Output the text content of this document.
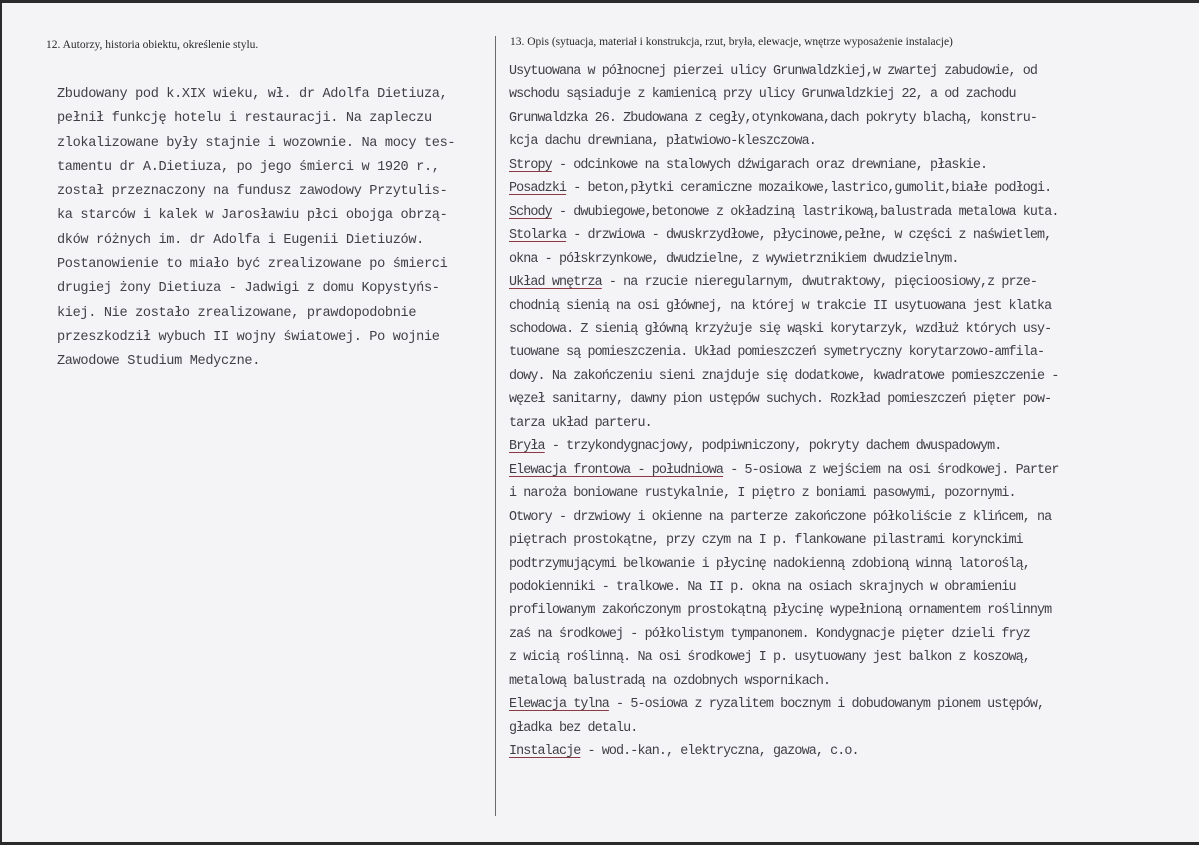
12. Autorzy, historia obiektu, określenie stylu.
Zbudowany pod k.XIX wieku, wł. dr Adolfa Dietiuza,
pełnił funkcję hotelu i restauracji. Na zapleczu
zlokalizowane były stajnie i wozownie. Na mocy tes-
tamentu dr A.Dietiuza, po jego śmierci w 1920 r.,
został przeznaczony na fundusz zawodowy Przytulis-
ka starców i kalek w Jarosławiu płci obojga obrzą-
dków różnych im. dr Adolfa i Eugenii Dietiuzów.
Postanowienie to miało być zrealizowane po śmierci
drugiej żony Dietiuza - Jadwigi z domu Kopystyńs-
kiej. Nie zostało zrealizowane, prawdopodobnie
przeszkodził wybuch II wojny światowej. Po wojnie
Zawodowe Studium Medyczne.
13. Opis (sytuacja, materiał i konstrukcja, rzut, bryła, elewacje, wnętrze wyposażenie instalacje)
Usytuowana w północnej pierzei ulicy Grunwaldzkiej,w zwartej zabudowie, od
wschodu sąsiaduje z kamienicą przy ulicy Grunwaldzkiej 22, a od zachodu
Grunwaldzka 26. Zbudowana z cegły,otynkowana,dach pokryty blachą, konstru-
kcja dachu drewniana, płatwiowo-kleszczowa.
Stropy - odcinkowe na stalowych dźwigarach oraz drewniane, płaskie.
Posadzki - beton,płytki ceramiczne mozaikowe,lastrico,gumolit,białe podłogi.
Schody - dwubiegowe,betonowe z okładziną lastrikową,balustrada metalowa kuta.
Stolarka - drzwiowa - dwuskrzydłowe, płycinowe,pełne, w części z naświetlem,
okna - półskrzynkowe, dwudzielne, z wywietrznikiem dwudzielnym.
Układ wnętrza - na rzucie nieregularnym, dwutraktowy, pięcioosiowy,z prze-
chodnią sienią na osi głównej, na której w trakcie II usytuowana jest klatka
schodowa. Z sienią główną krzyżuje się wąski korytarzyk, wzdłuż których usy-
tuowane są pomieszczenia. Układ pomieszczeń symetryczny korytarzowo-amfila-
dowy. Na zakończeniu sieni znajduje się dodatkowe, kwadratowe pomieszczenie -
węzeł sanitarny, dawny pion ustępów suchych. Rozkład pomieszczeń pięter pow-
tarza układ parteru.
Bryła - trzykondygnacjowy, podpiwniczony, pokryty dachem dwuspadowym.
Elewacja frontowa - południowa - 5-osiowa z wejściem na osi środkowej. Parter
i naroża boniowane rustykalnie, I piętro z boniami pasowymi, pozornymi.
Otwory - drzwiowy i okienne na parterze zakończone półkoliście z klińcem, na
piętrach prostokątne, przy czym na I p. flankowane pilastrami korynckimi
podtrzymującymi belkowanie i płycinę nadokienną zdobioną winną latoroślą,
podokienniki - tralkowe. Na II p. okna na osiach skrajnych w obramieniu
profilowanym zakończonym prostokątną płycinę wypełnioną ornamentem roślinnym
zaś na środkowej - półkolistym tympanonem. Kondygnacje pięter dzieli fryz
z wicią roślinną. Na osi środkowej I p. usytuowany jest balkon z koszową,
metalową balustradą na ozdobnych wspornikach.
Elewacja tylna - 5-osiowa z ryzalitem bocznym i dobudowanym pionem ustępów,
gładka bez detalu.
Instalacje - wod.-kan., elektryczna, gazowa, c.o.
